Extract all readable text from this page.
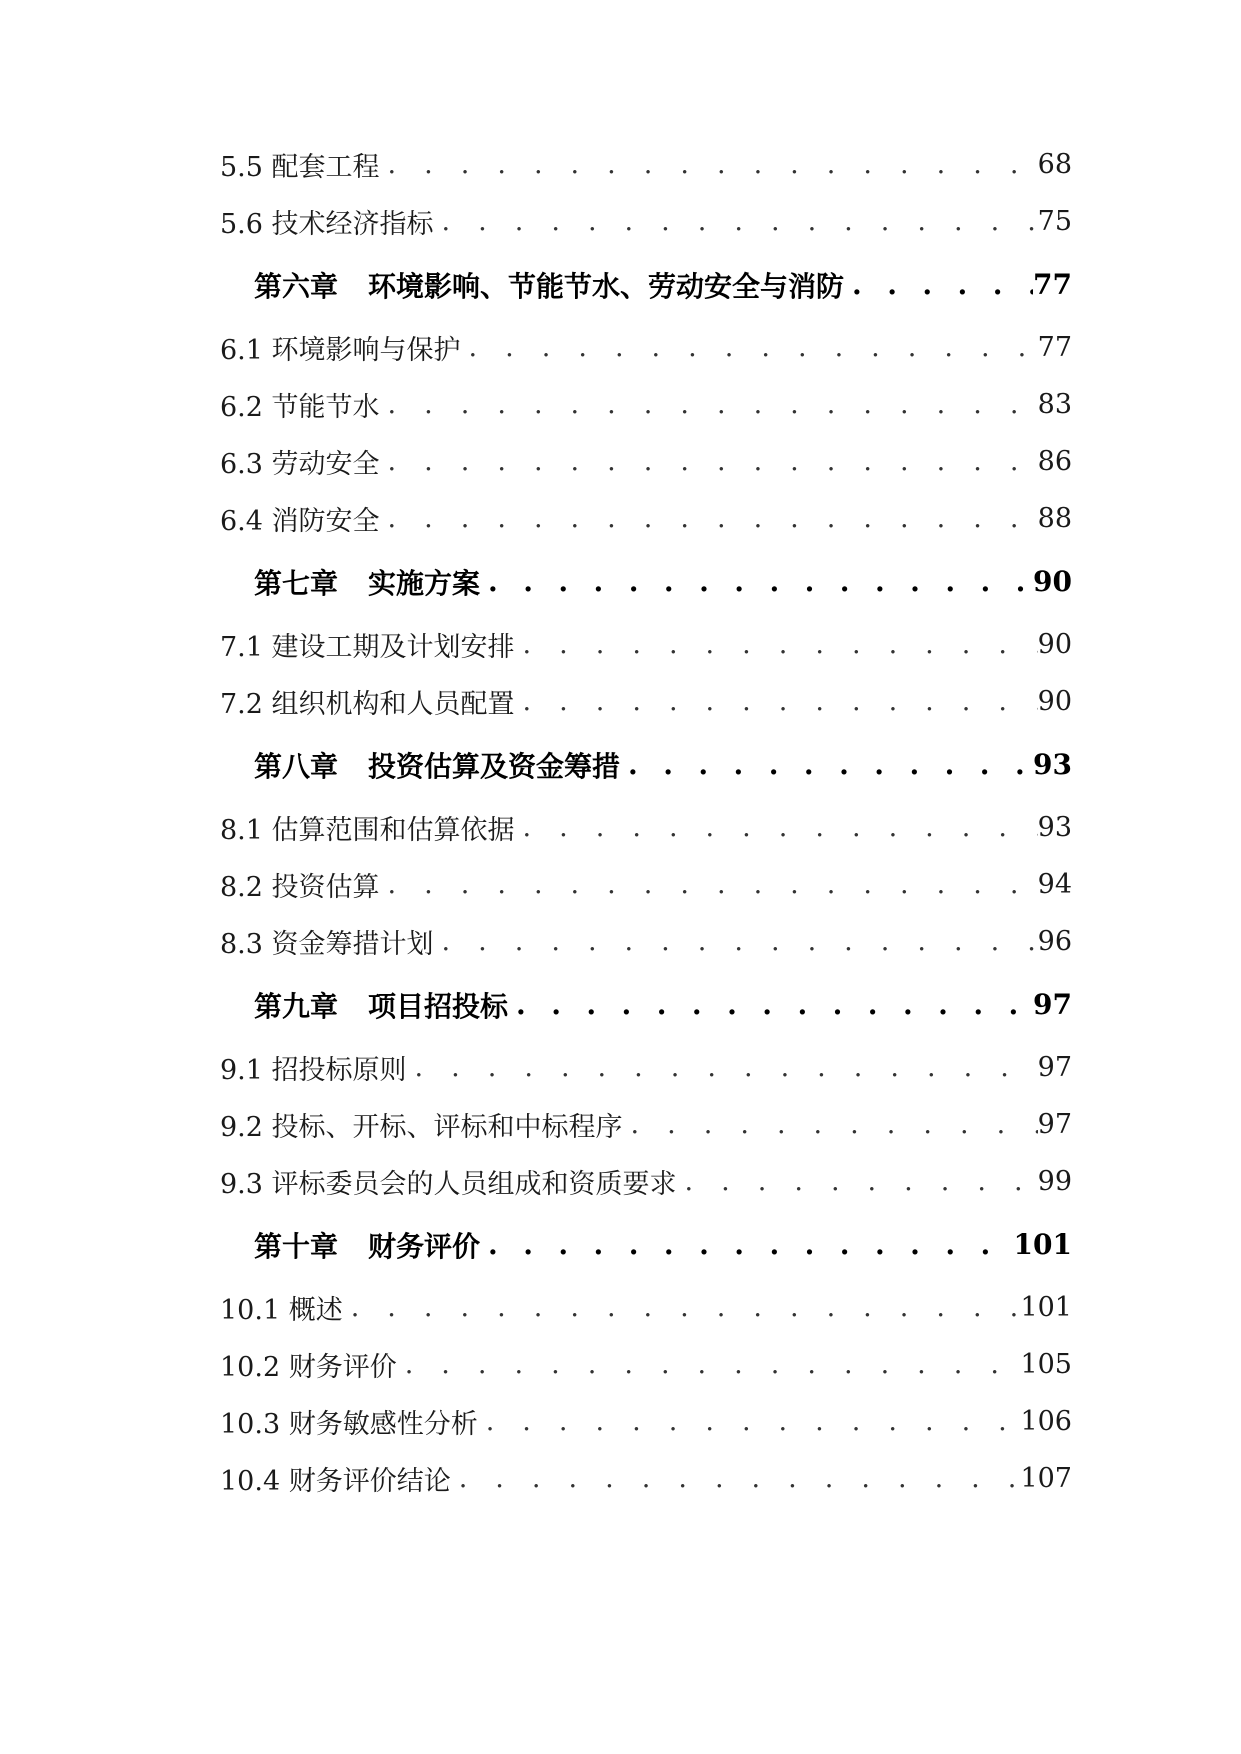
5.5 配套工程 . . .	68
5.6 技术经济指标 . . .	75
第六章 环境影响、节能节水、劳动安全与消防 . . .	77
6.1 环境影响与保护 . . .	77
6.2 节能节水 . . .	83
6.3 劳动安全 . . .	86
6.4 消防安全 . . .	88
第七章 实施方案 . . .	90
7.1 建设工期及计划安排 . . .	90
7.2 组织机构和人员配置 . . .	90
第八章 投资估算及资金筹措 . . .	93
8.1 估算范围和估算依据 . . .	93
8.2 投资估算 . . .	94
8.3 资金筹措计划 . . .	96
第九章 项目招投标 . . .	97
9.1 招投标原则 . . .	97
9.2 投标、开标、评标和中标程序 . . .	97
9.3 评标委员会的人员组成和资质要求 . . .	99
第十章 财务评价 . . .	101
10.1 概述 . . .	101
10.2 财务评价 . . .	105
10.3 财务敏感性分析 . . .	106
10.4 财务评价结论 . . .	107
